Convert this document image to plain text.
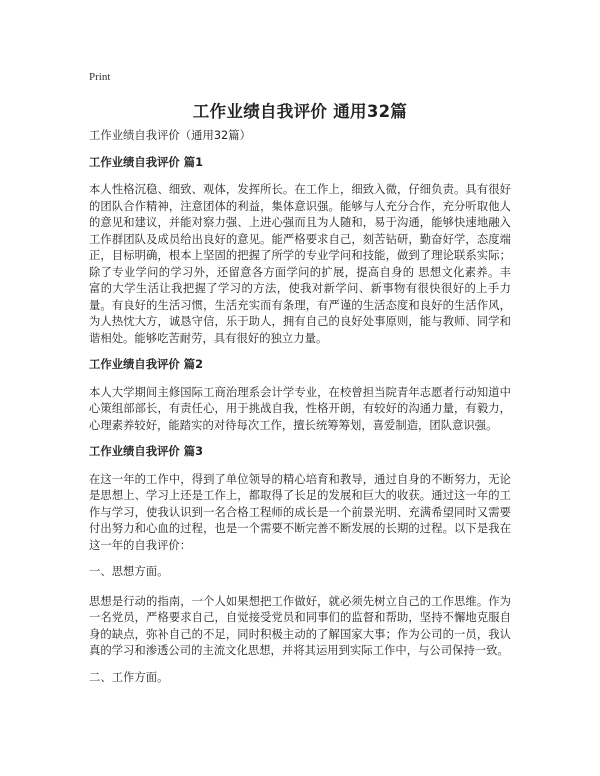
Print
工作业绩自我评价 通用32篇
工作业绩自我评价（通用32篇）
工作业绩自我评价 篇1
本人性格沉稳、细致、观体，发挥所长。在工作上，细致入微，仔细负责。具有很好的团队合作精神，注意团体的利益，集体意识强。能够与人充分合作，充分听取他人的意见和建议，并能对察力强、上进心强而且为人随和，易于沟通，能够快速地融入工作群团队及成员给出良好的意见。能严格要求自己，刻苦钻研，勤奋好学，态度端正，目标明确，根本上坚固的把握了所学的专业学问和技能，做到了理论联系实际；除了专业学问的学习外，还留意各方面学问的扩展，提高自身的 思想文化素养。丰富的大学生活让我把握了学习的方法，使我对新学问、新事物有很快很好的上手力量。有良好的生活习惯，生活充实而有条理，有严谨的生活态度和良好的生活作风，为人热忱大方，诚恳守信，乐于助人，拥有自己的良好处事原则，能与教师、同学和谐相处。能够吃苦耐劳，具有很好的独立力量。
工作业绩自我评价 篇2
本人大学期间主修国际工商治理系会计学专业，在校曾担当院青年志愿者行动知道中心策组部部长，有责任心，用于挑战自我，性格开朗，有较好的沟通力量，有毅力，心理素养较好，能踏实的对待每次工作，擅长统筹筹划，喜爱制造，团队意识强。
工作业绩自我评价 篇3
在这一年的工作中，得到了单位领导的精心培育和教导，通过自身的不断努力，无论是思想上、学习上还是工作上，都取得了长足的发展和巨大的收获。通过这一年的工作与学习，使我认识到一名合格工程师的成长是一个前景光明、充满希望同时又需要付出努力和心血的过程，也是一个需要不断完善不断发展的长期的过程。以下是我在这一年的自我评价：
一、思想方面。
思想是行动的指南，一个人如果想把工作做好，就必须先树立自己的工作思维。作为一名党员，严格要求自己，自觉接受党员和同事们的监督和帮助，坚持不懈地克服自身的缺点，弥补自己的不足，同时积极主动的了解国家大事；作为公司的一员，我认真的学习和渗透公司的主流文化思想，并将其运用到实际工作中，与公司保持一致。
二、工作方面。
